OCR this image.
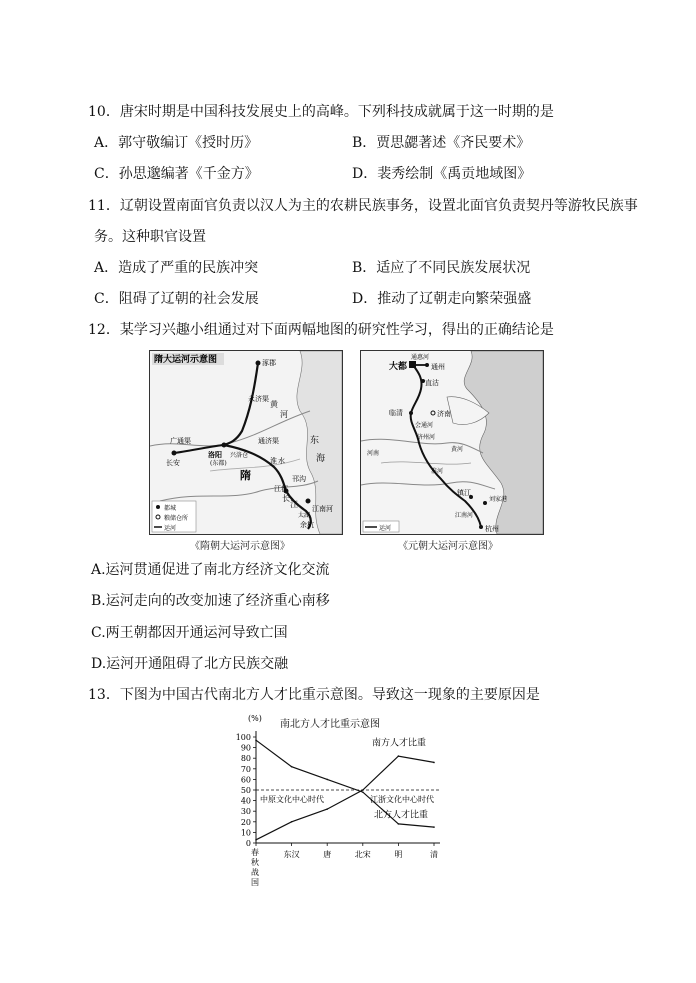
10．唐宋时期是中国科技发展史上的高峰。下列科技成就属于这一时期的是
A．郭守敬编订《授时历》	B．贾思勰著述《齐民要术》
C．孙思邈编著《千金方》	D．裴秀绘制《禹贡地域图》
11．辽朝设置南面官负责以汉人为主的农耕民族事务，设置北面官负责契丹等游牧民族事
务。这种职官设置
A．造成了严重的民族冲突	B．适应了不同民族发展状况
C．阻碍了辽朝的社会发展	D．推动了辽朝走向繁荣强盛
12．某学习兴趣小组通过对下面两幅地图的研究性学习，得出的正确结论是
隋大运河示意图	涿郡
永济渠
通济渠
广通渠
洛阳
(东都)
兴洛仓
长安
隋
江都
邗沟
江南河
余杭
黄
河
东
海
淮 水
长
江
太湖
都城
粮储仓所
运河
《隋朝大运河示意图》
大都
通惠河
通州
直沽
临清	济南
会通河
济州河
河南
黄河
淮河
镇江
刘家港
杭州
江南河
运河
《元朝大运河示意图》
A.运河贯通促进了南北方经济文化交流
B.运河走向的改变加速了经济重心南移
C.两王朝都因开通运河导致亡国
D.运河开通阻碍了北方民族交融
13．下图为中国古代南北方人才比重示意图。导致这一现象的主要原因是
南北方人才比重示意图
(%)
0
10
20
30
40
50
60
70
80
90
100
春秋战国
东汉	唐	北宋	明	清
南方人才比重
北方人才比重
中原文化中心时代	江浙文化中心时代
